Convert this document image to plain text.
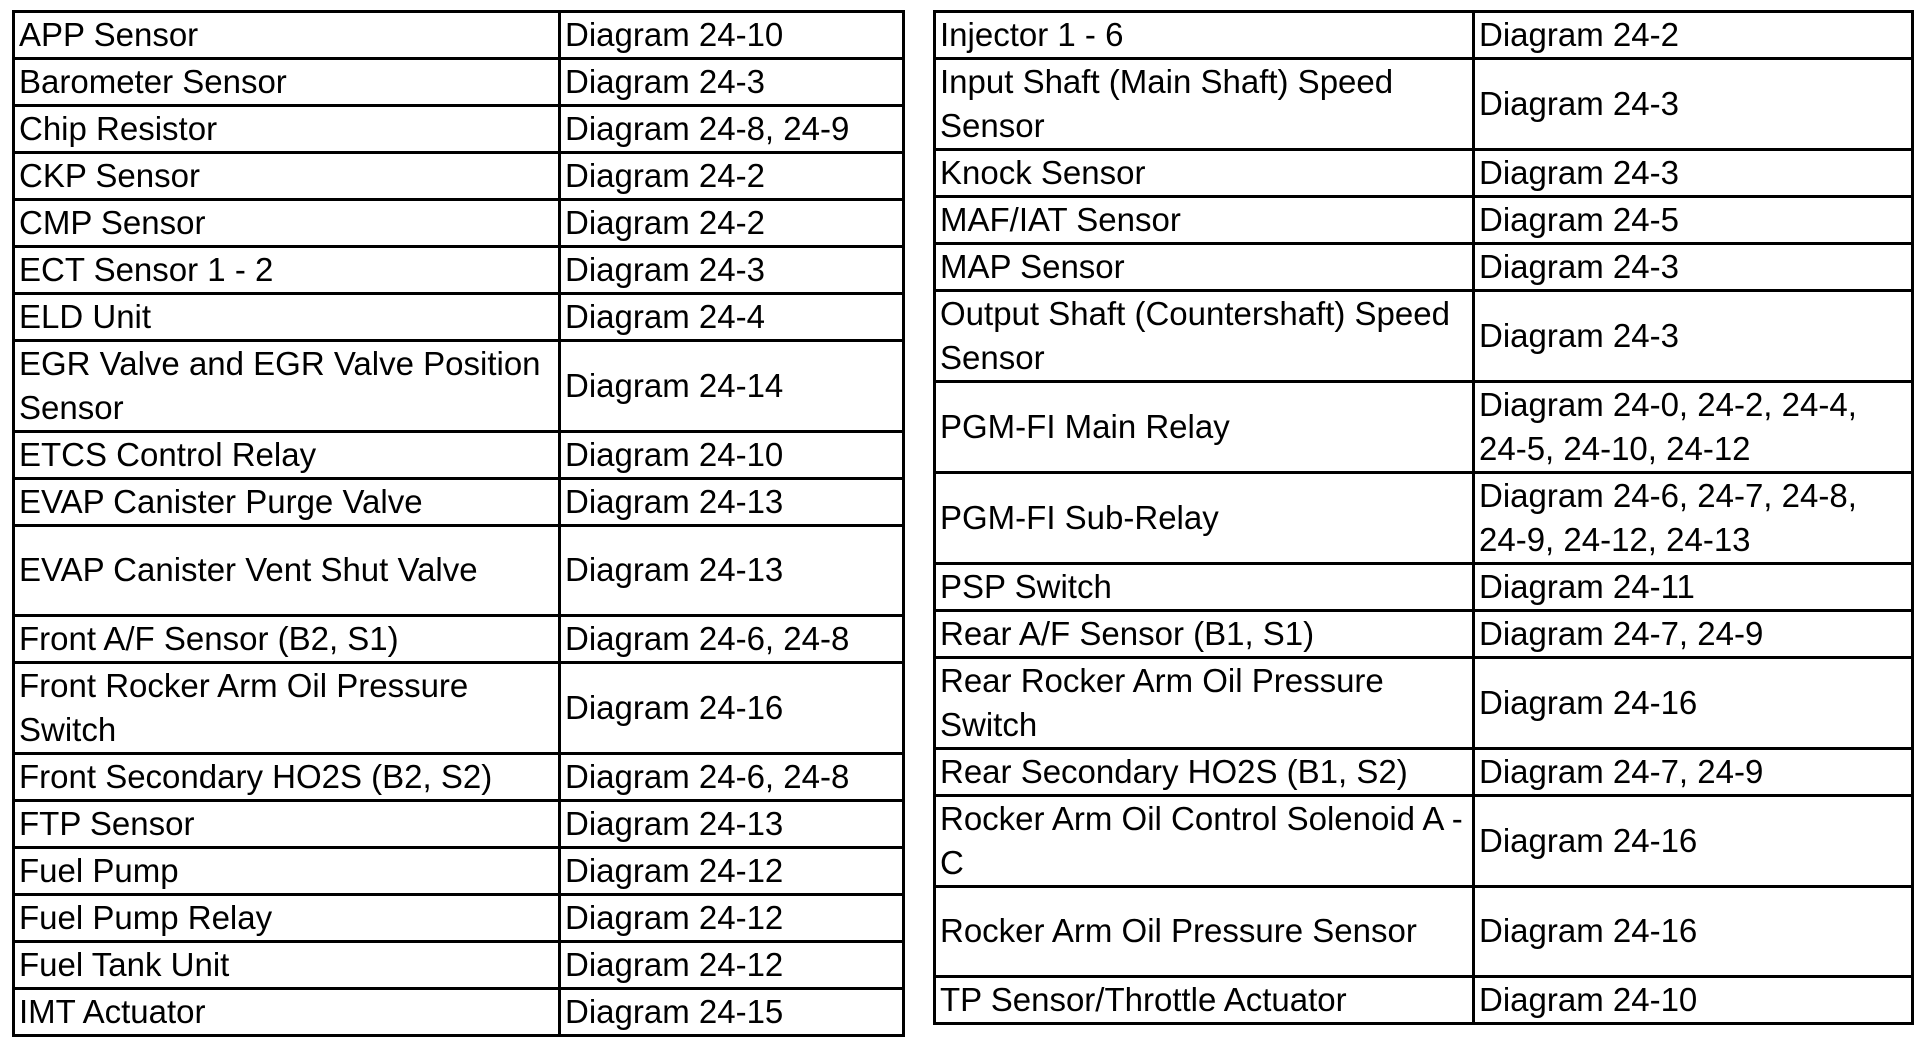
APP Sensor	Diagram 24-10
Barometer Sensor	Diagram 24-3
Chip Resistor	Diagram 24-8, 24-9
CKP Sensor	Diagram 24-2
CMP Sensor	Diagram 24-2
ECT Sensor 1 - 2	Diagram 24-3
ELD Unit	Diagram 24-4
EGR Valve and EGR Valve Position Sensor	Diagram 24-14
ETCS Control Relay	Diagram 24-10
EVAP Canister Purge Valve	Diagram 24-13
EVAP Canister Vent Shut Valve	Diagram 24-13
Front A/F Sensor (B2, S1)	Diagram 24-6, 24-8
Front Rocker Arm Oil Pressure Switch	Diagram 24-16
Front Secondary HO2S (B2, S2)	Diagram 24-6, 24-8
FTP Sensor	Diagram 24-13
Fuel Pump	Diagram 24-12
Fuel Pump Relay	Diagram 24-12
Fuel Tank Unit	Diagram 24-12
IMT Actuator	Diagram 24-15
Injector 1 - 6	Diagram 24-2
Input Shaft (Main Shaft) Speed Sensor	Diagram 24-3
Knock Sensor	Diagram 24-3
MAF/IAT Sensor	Diagram 24-5
MAP Sensor	Diagram 24-3
Output Shaft (Countershaft) Speed Sensor	Diagram 24-3
PGM-FI Main Relay	Diagram 24-0, 24-2, 24-4, 24-5, 24-10, 24-12
PGM-FI Sub-Relay	Diagram 24-6, 24-7, 24-8, 24-9, 24-12, 24-13
PSP Switch	Diagram 24-11
Rear A/F Sensor (B1, S1)	Diagram 24-7, 24-9
Rear Rocker Arm Oil Pressure Switch	Diagram 24-16
Rear Secondary HO2S (B1, S2)	Diagram 24-7, 24-9
Rocker Arm Oil Control Solenoid A - C	Diagram 24-16
Rocker Arm Oil Pressure Sensor	Diagram 24-16
TP Sensor/Throttle Actuator	Diagram 24-10
